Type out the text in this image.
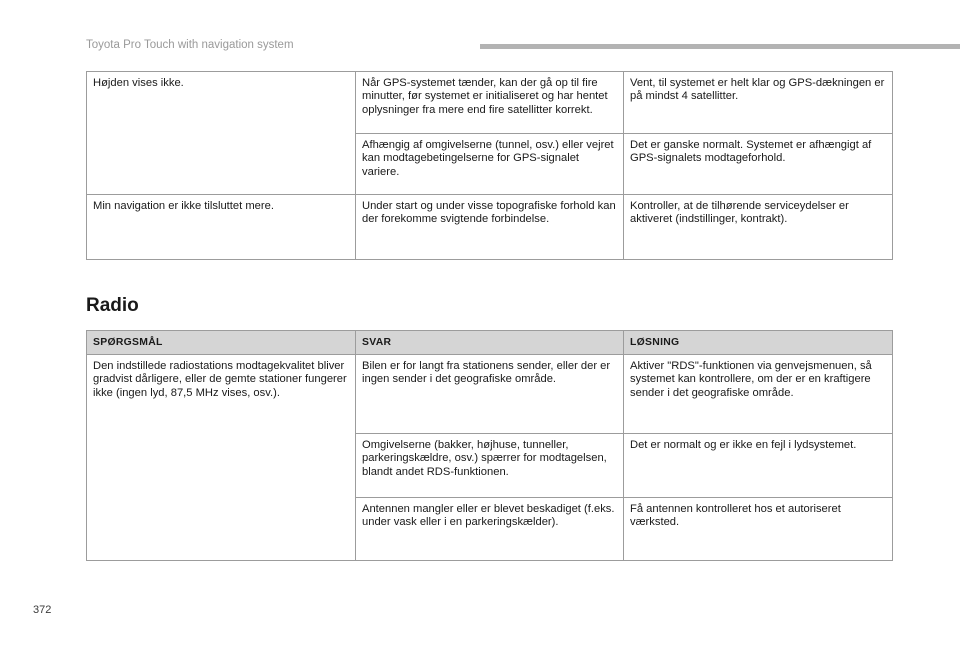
Toyota Pro Touch with navigation system
Højden vises ikke.	Når GPS-systemet tænder, kan der gå op til fire minutter, før systemet er initialiseret og har hentet oplysninger fra mere end fire satellitter korrekt.	Vent, til systemet er helt klar og GPS-dækningen er på mindst 4 satellitter.
	Afhængig af omgivelserne (tunnel, osv.) eller vejret kan modtagebetingelserne for GPS-signalet variere.	Det er ganske normalt. Systemet er afhængigt af GPS-signalets modtageforhold.
Min navigation er ikke tilsluttet mere.	Under start og under visse topografiske forhold kan der forekomme svigtende forbindelse.	Kontroller, at de tilhørende serviceydelser er aktiveret (indstillinger, kontrakt).
Radio
SPØRGSMÅL	SVAR	LØSNING
Den indstillede radiostations modtagekvalitet bliver gradvist dårligere, eller de gemte stationer fungerer ikke (ingen lyd, 87,5 MHz vises, osv.).	Bilen er for langt fra stationens sender, eller der er ingen sender i det geografiske område.	Aktiver "RDS"-funktionen via genvejsmenuen, så systemet kan kontrollere, om der er en kraftigere sender i det geografiske område.
	Omgivelserne (bakker, højhuse, tunneller, parkeringskældre, osv.) spærrer for modtagelsen, blandt andet RDS-funktionen.	Det er normalt og er ikke en fejl i lydsystemet.
	Antennen mangler eller er blevet beskadiget (f.eks. under vask eller i en parkeringskælder).	Få antennen kontrolleret hos et autoriseret værksted.
372
